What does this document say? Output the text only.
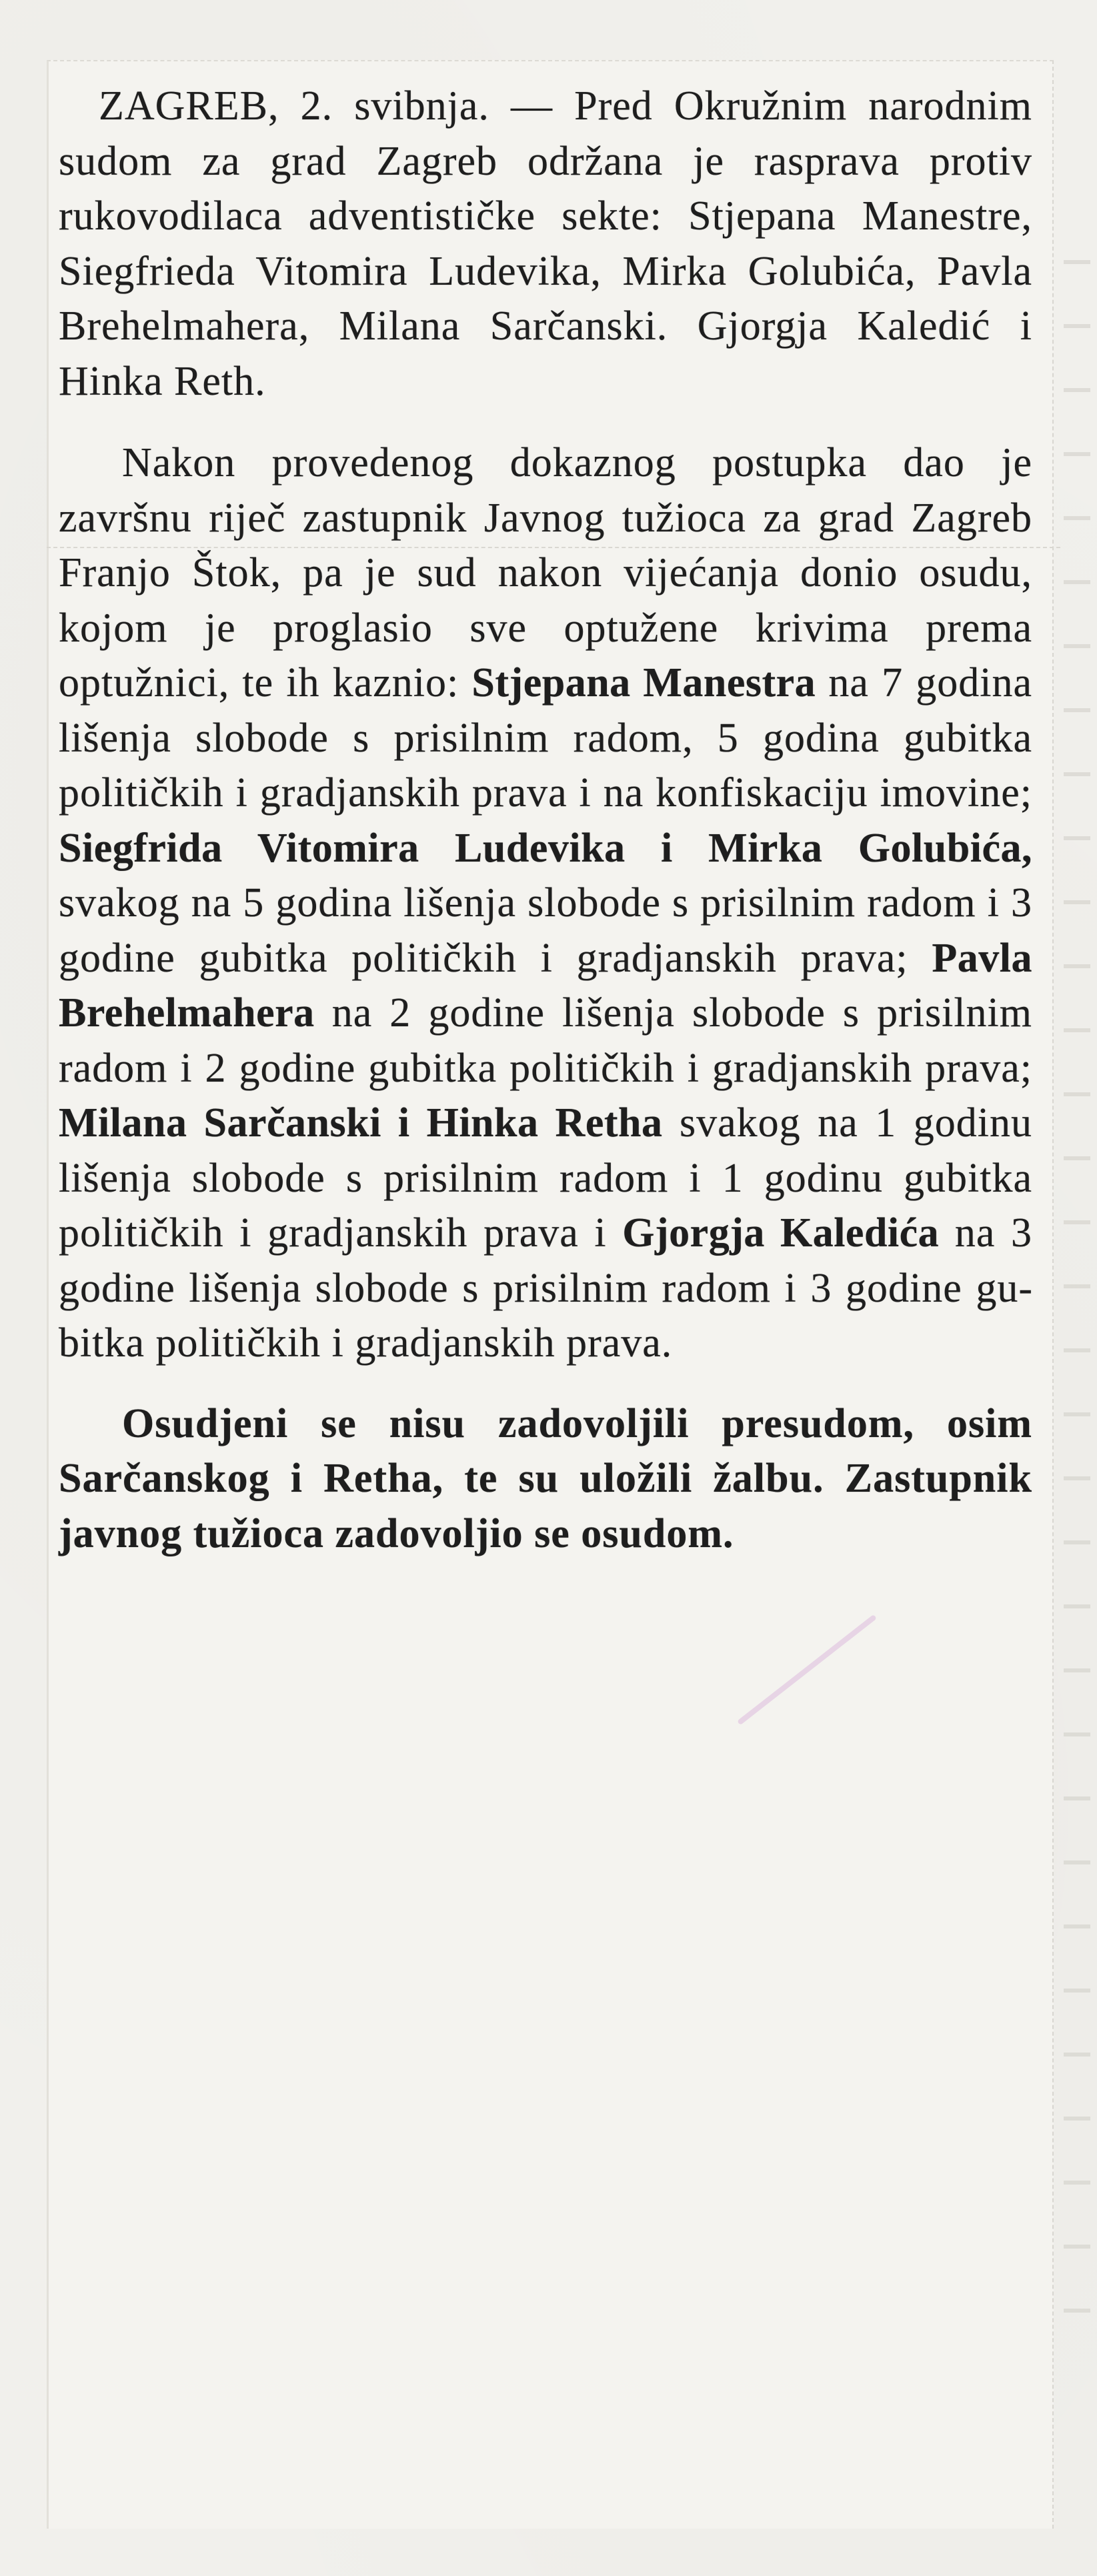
ZAGREB, 2. svibnja. — Pred Okružnim narodnim sudom za grad Zagreb održana je rasprava protiv rukovodilaca adventističke sekte: Stjepana Manestre, Siegfrieda Vitomira Ludevika, Mirka Golubića, Pavla Brehelmahera, Milana Sarčanski. Gjorgja Kaledić i Hinka Reth.

Nakon provedenog dokaznog postupka dao je završnu riječ zastupnik Javnog tužioca za grad Zagreb Franjo Štok, pa je sud nakon vijećanja donio osudu, kojom je proglasio sve optužene krivima prema optužnici, te ih kaznio: Stjepana Manestra na 7 godina lišenja slobode s prisilnim radom, 5 godina gubitka političkih i gradjanskih prava i na konfiskaciju imovine; Siegfrida Vitomira Ludevika i Mirka Golubića, svakog na 5 godina lišenja slobode s prisilnim radom i 3 godine gubitka političkih i gradjanskih prava; Pavla Brehelmahera na 2 godine lišenja slobode s prisilnim radom i 2 godine gubitka političkih i gradjanskih prava; Milana Sarčanski i Hinka Retha svakog na 1 godinu lišenja slobode s prisilnim radom i 1 godinu gubitka političkih i gradjanskih prava i Gjorgja Kaledića na 3 godine lišenja slobode s prisilnim radom i 3 godine gubitka političkih i gradjanskih prava.

Osudjeni se nisu zadovoljili presudom, osim Sarčanskog i Retha, te su uložili žalbu. Zastupnik javnog tužioca zadovoljio se osudom.
